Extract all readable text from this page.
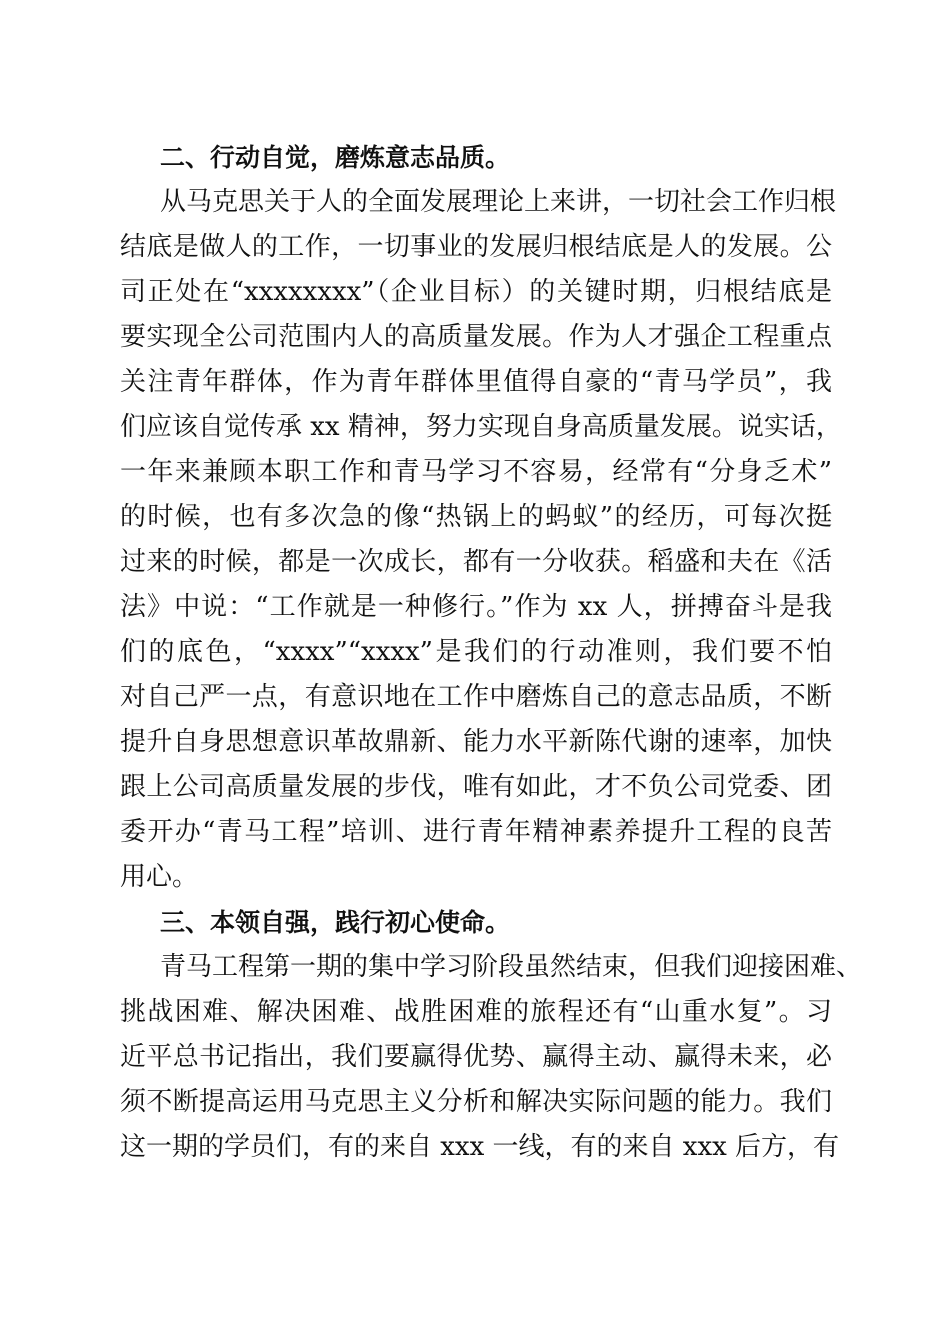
二、行动自觉，磨炼意志品质。
从马克思关于人的全面发展理论上来讲，一切社会工作归根
结底是做人的工作，一切事业的发展归根结底是人的发展。公
司正处在“xxxxxxxx”（企业目标）的关键时期，归根结底是
要实现全公司范围内人的高质量发展。作为人才强企工程重点
关注青年群体，作为青年群体里值得自豪的“青马学员”，我
们应该自觉传承 xx 精神，努力实现自身高质量发展。说实话，
一年来兼顾本职工作和青马学习不容易，经常有“分身乏术”
的时候，也有多次急的像“热锅上的蚂蚁”的经历，可每次挺
过来的时候，都是一次成长，都有一分收获。稻盛和夫在《活
法》中说：“工作就是一种修行。”作为 xx 人，拼搏奋斗是我
们的底色，“xxxx”“xxxx”是我们的行动准则，我们要不怕
对自己严一点，有意识地在工作中磨炼自己的意志品质，不断
提升自身思想意识革故鼎新、能力水平新陈代谢的速率，加快
跟上公司高质量发展的步伐，唯有如此，才不负公司党委、团
委开办“青马工程”培训、进行青年精神素养提升工程的良苦
用心。
三、本领自强，践行初心使命。
青马工程第一期的集中学习阶段虽然结束，但我们迎接困难、
挑战困难、解决困难、战胜困难的旅程还有“山重水复”。习
近平总书记指出，我们要赢得优势、赢得主动、赢得未来，必
须不断提高运用马克思主义分析和解决实际问题的能力。我们
这一期的学员们，有的来自 xxx 一线，有的来自 xxx 后方，有
